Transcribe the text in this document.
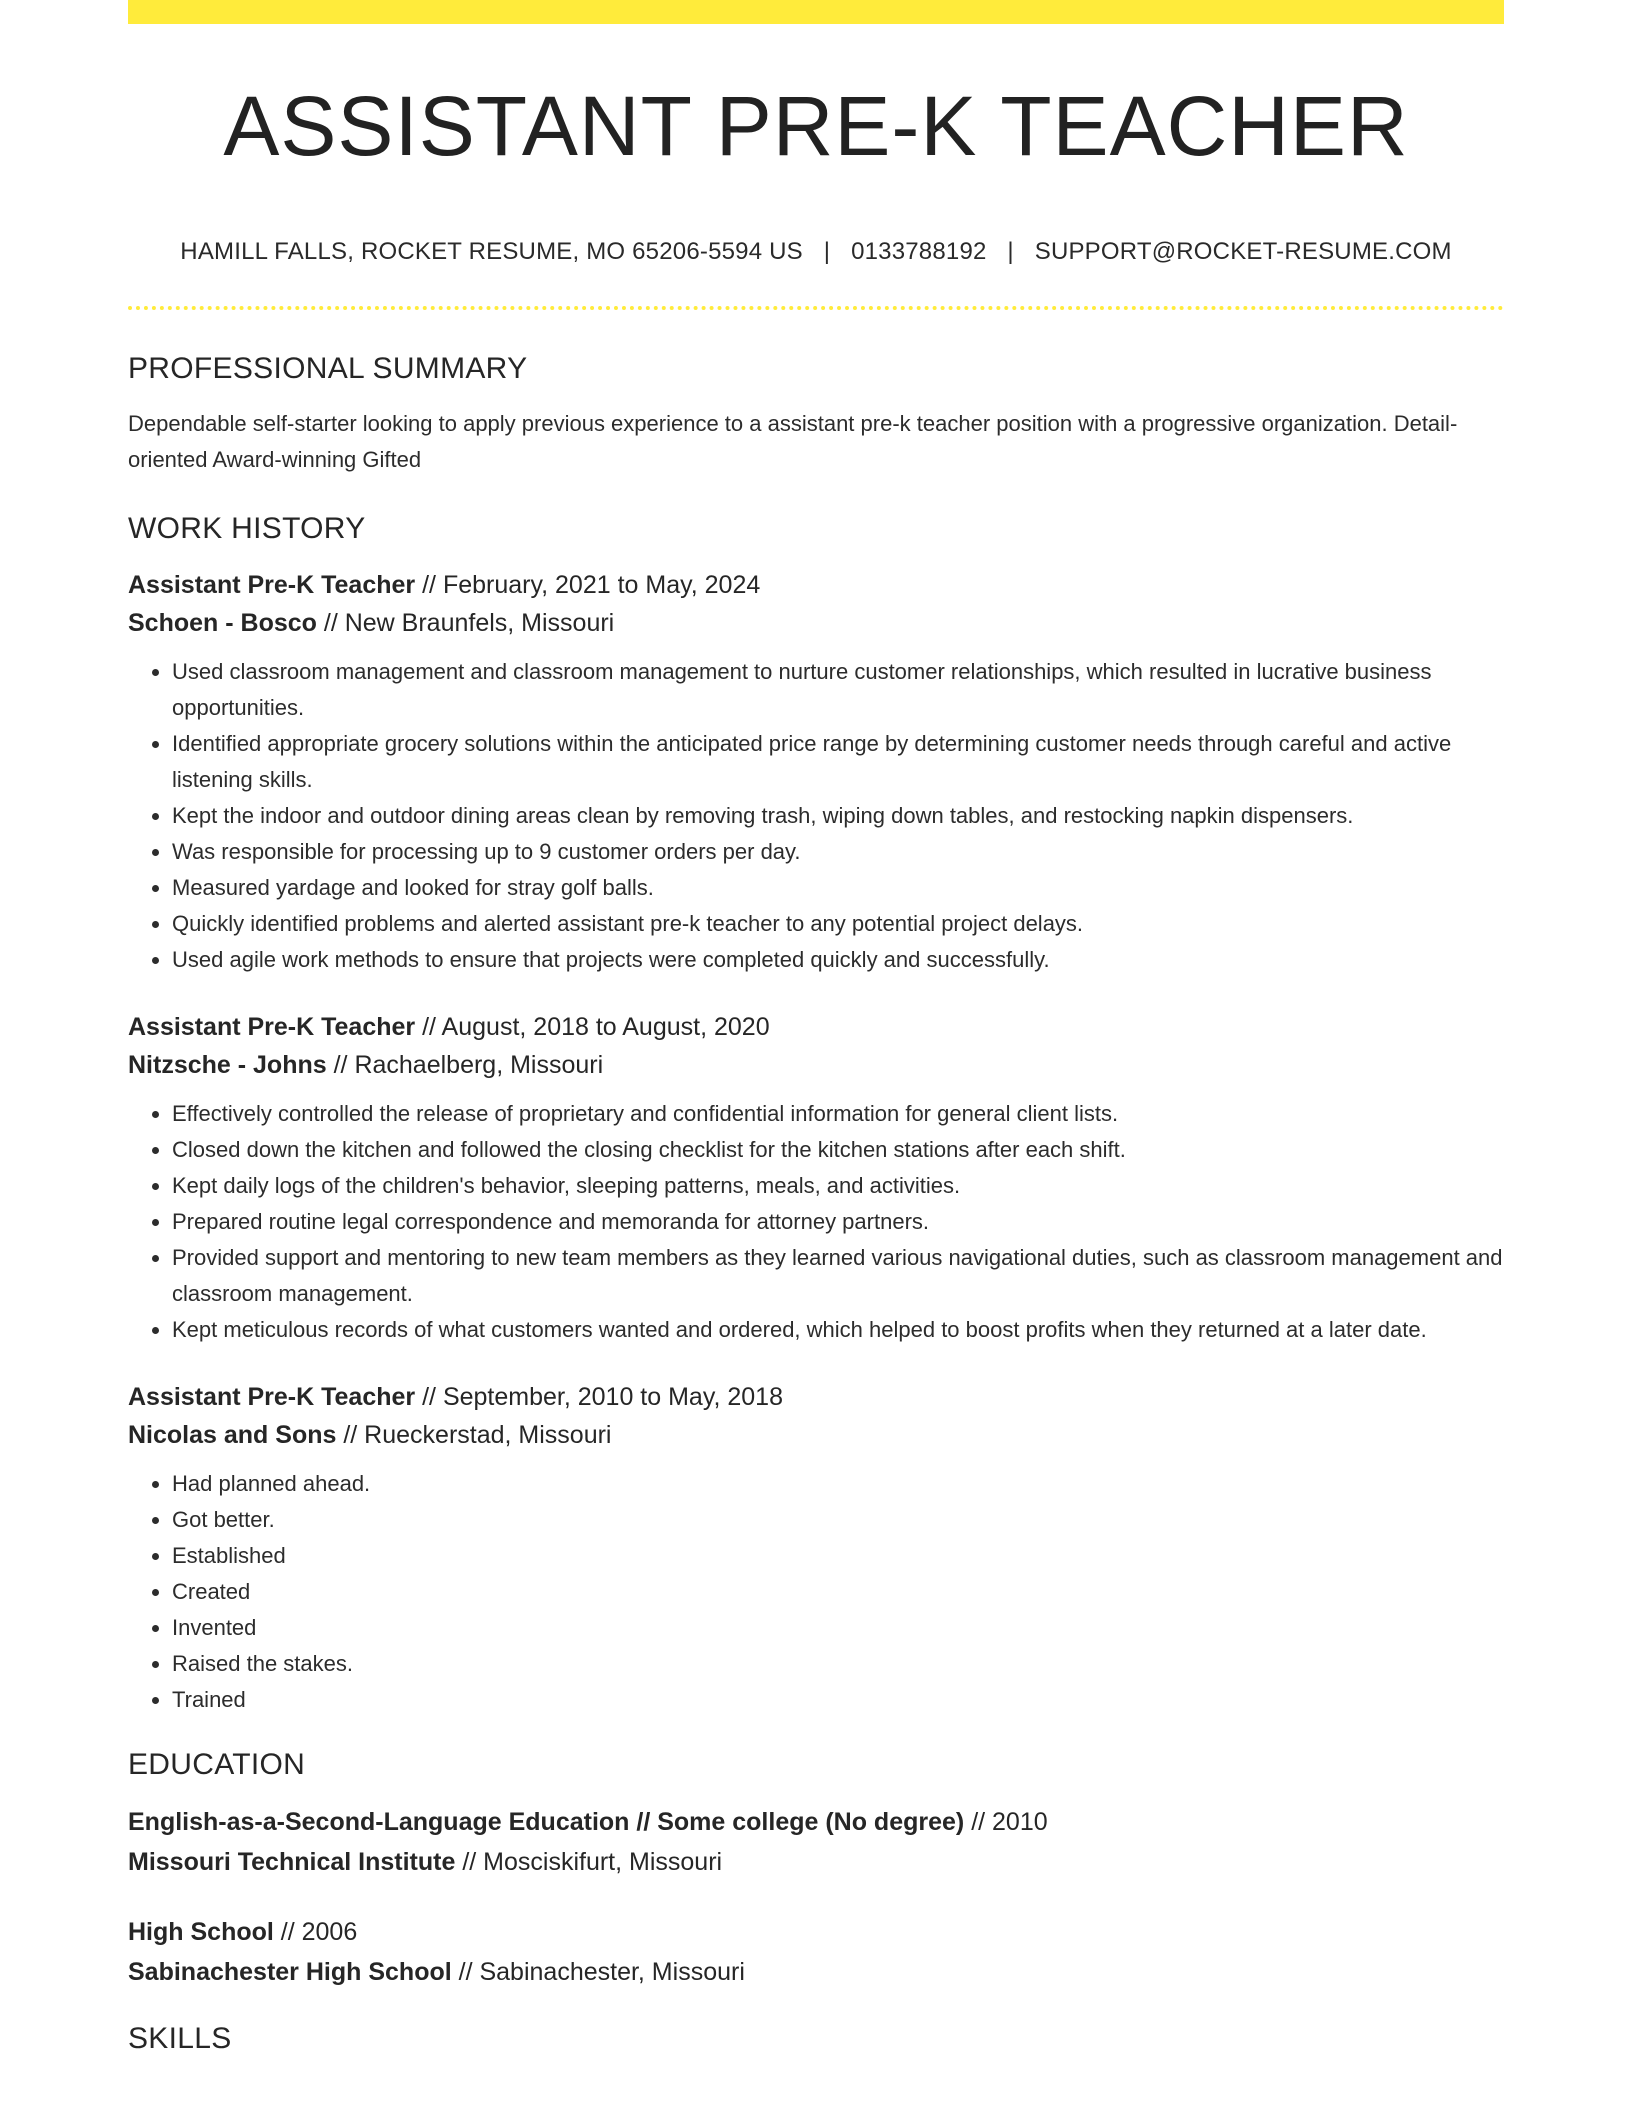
ASSISTANT PRE-K TEACHER
HAMILL FALLS, ROCKET RESUME, MO 65206-5594 US | 0133788192 | SUPPORT@ROCKET-RESUME.COM
PROFESSIONAL SUMMARY

Dependable self-starter looking to apply previous experience to a assistant pre-k teacher position with a progressive organization. Detail-oriented Award-winning Gifted

WORK HISTORY
Assistant Pre-K Teacher // February, 2021 to May, 2024
Schoen - Bosco // New Braunfels, Missouri
• Used classroom management and classroom management to nurture customer relationships, which resulted in lucrative business opportunities.
• Identified appropriate grocery solutions within the anticipated price range by determining customer needs through careful and active listening skills.
• Kept the indoor and outdoor dining areas clean by removing trash, wiping down tables, and restocking napkin dispensers.
• Was responsible for processing up to 9 customer orders per day.
• Measured yardage and looked for stray golf balls.
• Quickly identified problems and alerted assistant pre-k teacher to any potential project delays.
• Used agile work methods to ensure that projects were completed quickly and successfully.
Assistant Pre-K Teacher // August, 2018 to August, 2020
Nitzsche - Johns // Rachaelberg, Missouri
• Effectively controlled the release of proprietary and confidential information for general client lists.
• Closed down the kitchen and followed the closing checklist for the kitchen stations after each shift.
• Kept daily logs of the children's behavior, sleeping patterns, meals, and activities.
• Prepared routine legal correspondence and memoranda for attorney partners.
• Provided support and mentoring to new team members as they learned various navigational duties, such as classroom management and classroom management.
• Kept meticulous records of what customers wanted and ordered, which helped to boost profits when they returned at a later date.
Assistant Pre-K Teacher // September, 2010 to May, 2018
Nicolas and Sons // Rueckerstad, Missouri
• Had planned ahead.
• Got better.
• Established
• Created
• Invented
• Raised the stakes.
• Trained
EDUCATION
English-as-a-Second-Language Education // Some college (No degree) // 2010
Missouri Technical Institute // Mosciskifurt, Missouri
High School // 2006
Sabinachester High School // Sabinachester, Missouri
SKILLS
